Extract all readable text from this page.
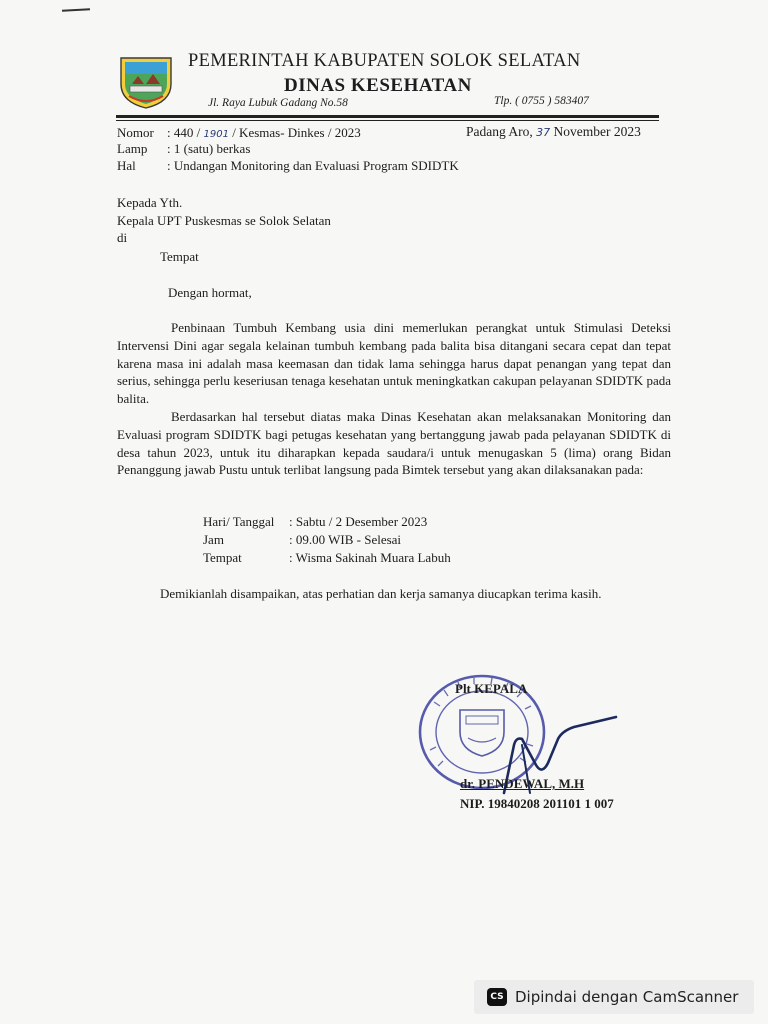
PEMERINTAH KABUPATEN SOLOK SELATAN
DINAS KESEHATAN
Jl. Raya Lubuk Gadang No.58	Tlp. ( 0755 ) 583407
Nomor : 440 / 1901 / Kesmas- Dinkes / 2023
Lamp : 1 (satu) berkas
Hal : Undangan Monitoring dan Evaluasi Program SDIDTK
Padang Aro, 37 November 2023
Kepada Yth.
Kepala UPT Puskesmas se Solok Selatan
di
Tempat
Dengan hormat,
Penbinaan Tumbuh Kembang usia dini memerlukan perangkat untuk Stimulasi Deteksi Intervensi Dini agar segala kelainan tumbuh kembang pada balita bisa ditangani secara cepat dan tepat karena masa ini adalah masa keemasan dan tidak lama sehingga harus dapat penangan yang tepat dan serius, sehingga perlu keseriusan tenaga kesehatan untuk meningkatkan cakupan pelayanan SDIDTK pada balita.
Berdasarkan hal tersebut diatas maka Dinas Kesehatan akan melaksanakan Monitoring dan Evaluasi program SDIDTK bagi petugas kesehatan yang bertanggung jawab pada pelayanan SDIDTK di desa tahun 2023, untuk itu diharapkan kepada saudara/i untuk menugaskan 5 (lima) orang Bidan Penanggung jawab Pustu untuk terlibat langsung pada Bimtek tersebut yang akan dilaksanakan pada:
Hari/ Tanggal : Sabtu / 2 Desember 2023
Jam	: 09.00 WIB - Selesai
Tempat	: Wisma Sakinah Muara Labuh
Demikianlah disampaikan, atas perhatian dan kerja samanya diucapkan terima kasih.
Plt KEPALA
dr. PENDEWAL, M.H
NIP. 19840208 201101 1 007
CS Dipindai dengan CamScanner
